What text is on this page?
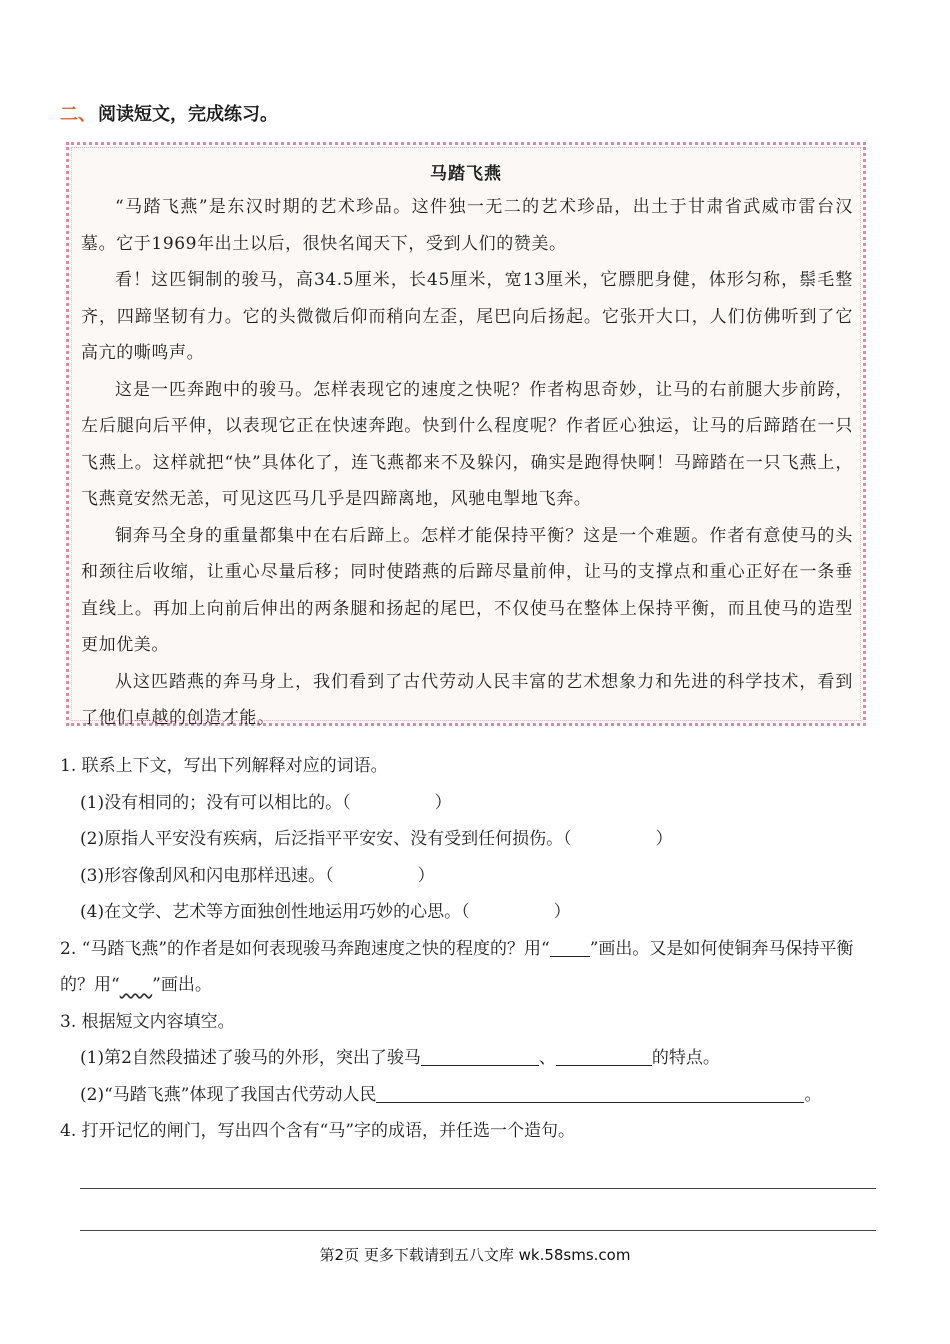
二、 阅读短文，完成练习。
马踏飞燕

“马踏飞燕”是东汉时期的艺术珍品。这件独一无二的艺术珍品，出土于甘肃省武威市雷台汉墓。它于1969年出土以后，很快名闻天下，受到人们的赞美。

看！这匹铜制的骏马，高34.5厘米，长45厘米，宽13厘米，它膘肥身健，体形匀称，鬃毛整齐，四蹄坚韧有力。它的头微微后仰而稍向左歪，尾巴向后扬起。它张开大口，人们仿佛听到了它高亢的嘶鸣声。

这是一匹奔跑中的骏马。怎样表现它的速度之快呢？作者构思奇妙，让马的右前腿大步前跨，左后腿向后平伸，以表现它正在快速奔跑。快到什么程度呢？作者匠心独运，让马的后蹄踏在一只飞燕上。这样就把“快”具体化了，连飞燕都来不及躲闪，确实是跑得快啊！马蹄踏在一只飞燕上，飞燕竟安然无恙，可见这匹马几乎是四蹄离地，风驰电掣地飞奔。

铜奔马全身的重量都集中在右后蹄上。怎样才能保持平衡？这是一个难题。作者有意使马的头和颈往后收缩，让重心尽量后移；同时使踏燕的后蹄尽量前伸，让马的支撑点和重心正好在一条垂直线上。再加上向前后伸出的两条腿和扬起的尾巴，不仅使马在整体上保持平衡，而且使马的造型更加优美。

从这匹踏燕的奔马身上，我们看到了古代劳动人民丰富的艺术想象力和先进的科学技术，看到了他们卓越的创造才能。

1. 联系上下文，写出下列解释对应的词语。

(1)没有相同的；没有可以相比的。（	）

(2)原指人平安没有疾病，后泛指平平安安、没有受到任何损伤。（	）

(3)形容像刮风和闪电那样迅速。（	）

(4)在文学、艺术等方面独创性地运用巧妙的心思。（	）

2. “马踏飞燕”的作者是如何表现骏马奔跑速度之快的程度的？用“ ”画出。又是如何使铜奔马保持平衡的？用“    ”画出。

3. 根据短文内容填空。

(1)第2自然段描述了骏马的外形，突出了骏马	、	的特点。

(2)“马踏飞燕”体现了我国古代劳动人民	。

4. 打开记忆的闸门，写出四个含有“马”字的成语，并任选一个造句。

第2页 更多下载请到五八文库 wk.58sms.com
